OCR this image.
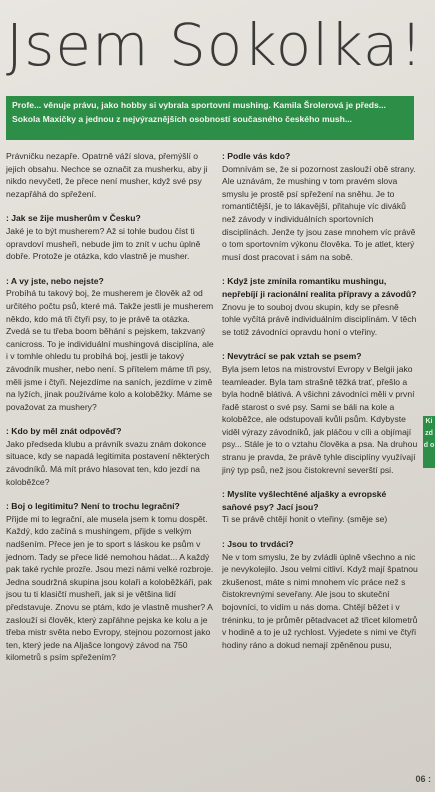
Jsem Sokolka!
Profe... věnuje právu, jako hobby si vybrala sportovní mushing. Kamila Šrolerová je předs... Sokola Maxičky a jednou z nejvýraznějších osobností současného českého mush...

Právničku nezapře. Opatrně váží slova, přemýšlí o jejich obsahu. Nechce se označit za musherku, aby ji nikdo nevyčetl, že přece není musher, když své psy nezapřáhá do spřežení.

: Jak se žije musherům v Česku?

Jaké je to být musherem? Až si tohle budou číst ti opravdoví musheři, nebude jim to znít v uchu úplně dobře. Protože je otázka, kdo vlastně je musher.

: A vy jste, nebo nejste?

Probíhá tu takový boj, že musherem je člověk až od určitého počtu psů, které má. Takže jestli je musherem někdo, kdo má tři čtyři psy, to je právě ta otázka. Zvedá se tu třeba boom běhání s pejskem, takzvaný canicross. To je individuální mushingová disciplína, ale i v tomhle ohledu tu probíhá boj, jestli je takový závodník musher, nebo není. S přítelem máme tři psy, měli jsme i čtyři. Nejezdíme na saních, jezdíme v zimě na lyžích, jinak používáme kolo a koloběžky. Máme se považovat za mushery?

: Kdo by měl znát odpověď?

Jako předseda klubu a právník svazu znám dokonce situace, kdy se napadá legitimita postavení některých závodníků. Má mít právo hlasovat ten, kdo jezdí na koloběžce?

: Boj o legitimitu? Není to trochu legrační?

Přijde mi to legrační, ale musela jsem k tomu dospět. Každý, kdo začíná s mushingem, přijde s velkým nadšením. Přece jen je to sport s láskou ke psům v jednom. Tady se přece lidé nemohou hádat... A každý pak také rychle prozře. Jsou mezi námi velké rozbroje. Jedna soudržná skupina jsou kolaři a koloběžkáři, pak jsou tu ti klasičtí musheři, jak si je většina lidí představuje. Znovu se ptám, kdo je vlastně musher? A zaslouží si člověk, který zapřáhne pejska ke kolu a je třeba mistr světa nebo Evropy, stejnou pozornost jako ten, který jede na Aljašce longový závod na 750 kilometrů s psím spřežením?

: Podle vás kdo?

Domnívám se, že si pozornost zaslouží obě strany. Ale uznávám, že mushing v tom pravém slova smyslu je prostě psí spřežení na sněhu. Je to romantičtější, je to lákavější, přitahuje víc diváků než závody v individuálních sportovních disciplínách. Jenže ty jsou zase mnohem víc právě o tom sportovním výkonu člověka. To je atlet, který musí dost pracovat i sám na sobě.

: Když jste zmínila romantiku mushingu, nepřebíjí ji racionální realita přípravy a závodů?

Znovu je to souboj dvou skupin, kdy se přesně tohle vyčítá právě individuálním disciplínám. V těch se totiž závodníci opravdu honí o vteřiny.

: Nevytrácí se pak vztah se psem?

Byla jsem letos na mistrovství Evropy v Belgii jako teamleader. Byla tam strašně těžká trať, přešlo a byla hodně blátivá. A všichni závodníci měli v první řadě starost o své psy. Sami se báli na kole a koloběžce, ale odstupovali kvůli psům. Kdybyste viděl výrazy závodníků, jak pláčou v cíli a objímají psy... Stále je to o vztahu člověka a psa. Na druhou stranu je pravda, že právě tyhle disciplíny využívají jiný typ psů, než jsou čistokrevní severští psi.

: Myslíte vyšlechtěné aljašky a evropské saňové psy? Jací jsou?

Ti se právě chtějí honit o vteřiny. (směje se)

: Jsou to trvdáci?

Ne v tom smyslu, že by zvládli úplně všechno a nic je nevykolejilo. Jsou velmi citliví. Když mají špatnou zkušenost, máte s nimi mnohem víc práce než s čistokrevnými seveřany. Ale jsou to skuteční bojovníci, to vidím u nás doma. Chtějí běžet i v tréninku, to je průměr pětadvacet až třicet kilometrů v hodině a to je už rychlost. Vyjedete s nimi ve čtyři hodiny ráno a dokud nemají zpěněnou pusu,

Ki zd d o
06 :
